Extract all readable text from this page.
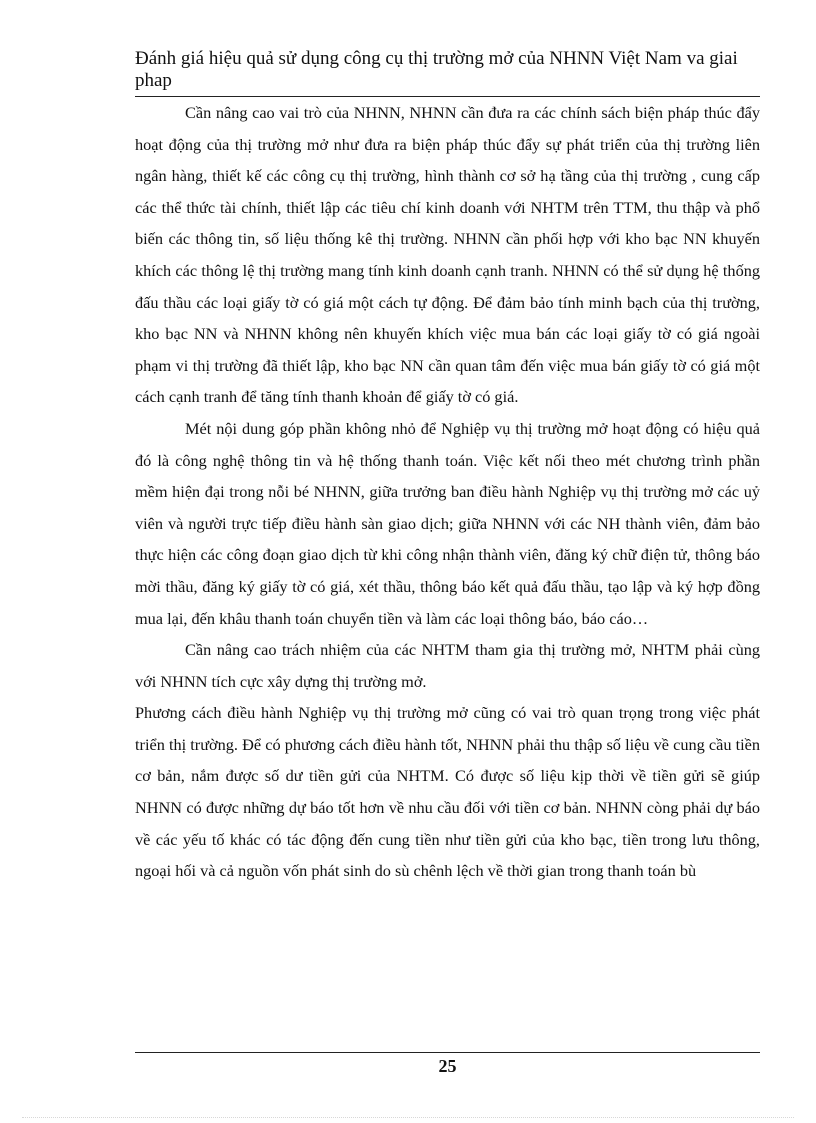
Đánh giá hiệu quả sử dụng công cụ thị trường mở của NHNN Việt Nam va giai phap

Cần nâng cao vai trò của NHNN, NHNN cần đưa ra các chính sách biện pháp thúc đẩy hoạt động của thị trường mở như đưa ra biện pháp thúc đẩy sự phát triển của thị trường liên ngân hàng, thiết kế các công cụ thị trường, hình thành cơ sở hạ tầng của thị trường , cung cấp các thể thức tài chính, thiết lập các tiêu chí kinh doanh với NHTM trên TTM, thu thập và phổ biến các thông tin, số liệu thống kê thị trường. NHNN cần phối hợp với kho bạc NN khuyến khích các thông lệ thị trường mang tính kinh doanh cạnh tranh. NHNN có thể sử dụng hệ thống đấu thầu các loại giấy tờ có giá một cách tự động. Để đảm bảo tính minh bạch của thị trường, kho bạc NN và NHNN không nên khuyến khích việc mua bán các loại giấy tờ có giá ngoài phạm vi thị trường đã thiết lập, kho bạc NN cần quan tâm đến việc mua bán giấy tờ có giá một cách cạnh tranh để tăng tính thanh khoản để giấy tờ có giá.

Mét nội dung góp phần không nhỏ để Nghiệp vụ thị trường mở hoạt động có hiệu quả đó là công nghệ thông tin và hệ thống thanh toán. Việc kết nối theo mét chương trình phần mềm hiện đại trong nỗi bé NHNN, giữa trưởng ban điều hành Nghiệp vụ thị trường mở các uỷ viên và người trực tiếp điều hành sàn giao dịch; giữa NHNN với các NH thành viên, đảm bảo thực hiện các công đoạn giao dịch từ khi công nhận thành viên, đăng ký chữ điện tử, thông báo mời thầu, đăng ký giấy tờ có giá, xét thầu, thông báo kết quả đấu thầu, tạo lập và ký hợp đồng mua lại, đến khâu thanh toán chuyển tiền và làm các loại thông báo, báo cáo…

Cần nâng cao trách nhiệm của các NHTM tham gia thị trường mở, NHTM phải cùng với NHNN tích cực xây dựng thị trường mở.

Phương cách điều hành Nghiệp vụ thị trường mở cũng có vai trò quan trọng trong việc phát triển thị trường. Để có phương cách điều hành tốt, NHNN phải thu thập số liệu về cung cầu tiền cơ bản, nắm được số dư tiền gửi của NHTM. Có được số liệu kịp thời về tiền gửi sẽ giúp NHNN có được những dự báo tốt hơn về nhu cầu đối với tiền cơ bản. NHNN còng phải dự báo về các yếu tố khác có tác động đến cung tiền như tiền gửi của kho bạc, tiền trong lưu thông, ngoại hối và cả nguồn vốn phát sinh do sù chênh lệch về thời gian trong thanh toán bù

25
